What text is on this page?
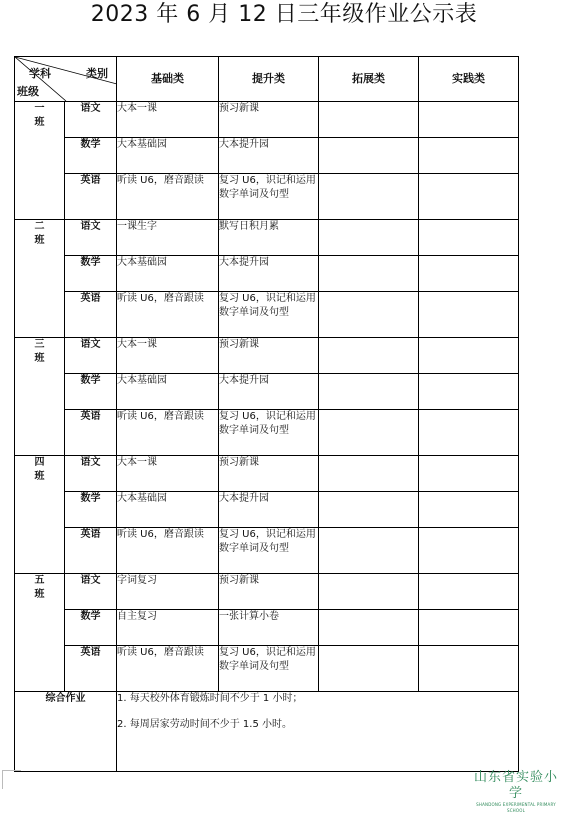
2023 年 6 月 12 日三年级作业公示表
学科 类别
班级		基础类	提升类	拓展类	实践类
一
班	语文	大本一课	预习新课		
	数学	大本基础园	大本提升园		
	英语	听读 U6，磨音跟读	复习 U6，识记和运用数字单词及句型		
二
班	语文	一课生字	默写日积月累		
	数学	大本基础园	大本提升园		
	英语	听读 U6，磨音跟读	复习 U6，识记和运用数字单词及句型		
三
班	语文	大本一课	预习新课		
	数学	大本基础园	大本提升园		
	英语	听读 U6，磨音跟读	复习 U6，识记和运用数字单词及句型		
四
班	语文	大本一课	预习新课		
	数学	大本基础园	大本提升园		
	英语	听读 U6，磨音跟读	复习 U6，识记和运用数字单词及句型		
五
班	语文	字词复习	预习新课		
	数学	自主复习	一张计算小卷		
	英语	听读 U6，磨音跟读	复习 U6，识记和运用数字单词及句型		
综合作业		1. 每天校外体育锻炼时间不少于 1 小时；
2. 每周居家劳动时间不少于 1.5 小时。			
山东省实验小学
SHANDONG EXPERIMENTAL PRIMARY SCHOOL
